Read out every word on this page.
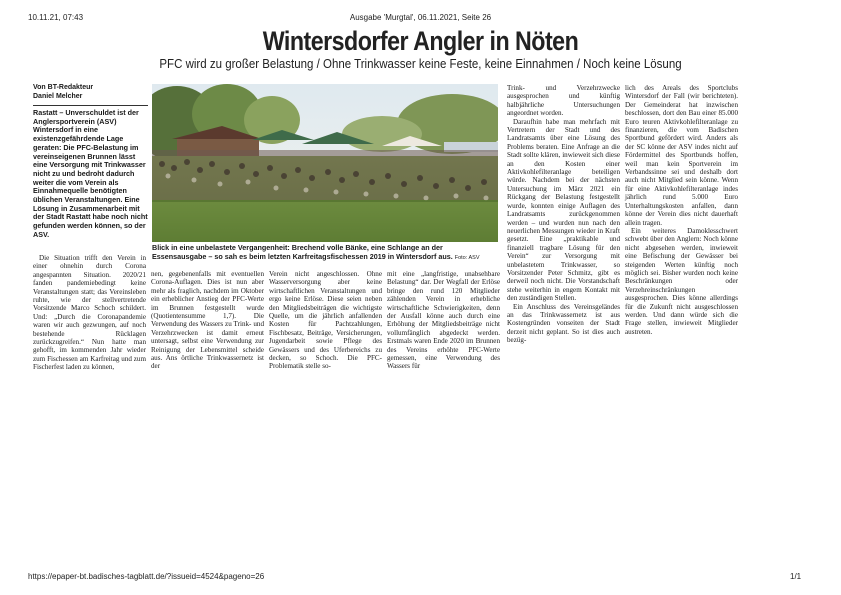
10.11.21, 07:43	Ausgabe 'Murgtal', 06.11.2021, Seite 26
Wintersdorfer Angler in Nöten
PFC wird zu großer Belastung / Ohne Trinkwasser keine Feste, keine Einnahmen / Noch keine Lösung
Von BT-Redakteur
Daniel Melcher
Rastatt – Unverschuldet ist der Anglersportverein (ASV) Wintersdorf in eine existenzgefährdende Lage geraten: Die PFC-Belastung im vereinseigenen Brunnen lässt eine Versorgung mit Trinkwasser nicht zu und bedroht dadurch weiter die vom Verein als Einnahmequelle benötigten üblichen Veranstaltungen. Eine Lösung in Zusammenarbeit mit der Stadt Rastatt habe noch nicht gefunden werden können, so der ASV.
Blick in eine unbelastete Vergangenheit: Brechend volle Bänke, eine Schlange an der Essensausgabe – so sah es beim letzten Karfreitagsfischessen 2019 in Wintersdorf aus. Foto: ASV

Die Situation trifft den Verein in einer ohnehin durch Corona angespannten Situation. 2020/21 fanden pandemiebedingt keine Veranstaltungen statt; das Vereinsleben ruhte, wie der stellvertretende Vorsitzende Marco Schoch schildert. Und: „Durch die Coronapandemie waren wir auch gezwungen, auf noch bestehende Rücklagen zurückzugreifen.“ Nun hatte man gehofft, im kommenden Jahr wieder zum Fischessen am Karfreitag und zum Fischerfest laden zu können,

nen, gegebenenfalls mit eventuellen Corona-Auflagen. Dies ist nun aber mehr als fraglich, nachdem im Oktober ein erheblicher Anstieg der PFC-Werte im Brunnen festgestellt wurde (Quotientensumme 1,7). Die Verwendung des Wassers zu Trink- und Verzehrzwecken ist damit erneut untersagt, selbst eine Verwendung zur Reinigung der Lebensmittel scheide aus. Ans örtliche Trinkwassernetz ist der

Verein nicht angeschlossen. Ohne Wasserversorgung aber keine wirtschaftlichen Veranstaltungen und ergo keine Erlöse. Diese seien neben den Mitgliedsbeiträgen die wichtigste Quelle, um die jährlich anfallenden Kosten für Pachtzahlungen, Fischbesatz, Beiträge, Versicherungen, Jugendarbeit sowie Pflege des Gewässers und des Uferbereichs zu decken, so Schoch. Die PFC-Problematik stelle so-

mit eine „langfristige, unabsehbare Belastung“ dar. Der Wegfall der Erlöse bringe den rund 120 Mitglieder zählenden Verein in erhebliche wirtschaftliche Schwierigkeiten, denn der Ausfall könne auch durch eine Erhöhung der Mitgliedsbeiträge nicht vollumfänglich abgedeckt werden. Erstmals waren Ende 2020 im Brunnen des Vereins erhöhte PFC-Werte gemessen, eine Verwendung des Wassers für

Trink- und Verzehrzwecke ausgesprochen und künftig halbjährliche Untersuchungen angeordnet worden.

Daraufhin habe man mehrfach mit Vertretern der Stadt und des Landratsamts über eine Lösung des Problems beraten. Eine Anfrage an die Stadt sollte klären, inwieweit sich diese an den Kosten einer Aktivkohlefilteranlage beteiligen würde. Nachdem bei der nächsten Untersuchung im März 2021 ein Rückgang der Belastung festgestellt wurde, konnten einige Auflagen des Landratsamts zurückgenommen werden – und wurden nun nach den neuerlichen Messungen wieder in Kraft gesetzt. Eine „praktikable und finanziell tragbare Lösung für den Verein“ zur Versorgung mit unbelastetem Trinkwasser, so Vorsitzender Peter Schmitz, gibt es derweil noch nicht. Die Vorstandschaft stehe weiterhin in engem Kontakt mit den zuständigen Stellen.

Ein Anschluss des Vereinsgeländes an das Trinkwassernetz ist aus Kostengründen vonseiten der Stadt derzeit nicht geplant. So ist dies auch bezüg-

lich des Areals des Sportclubs Wintersdorf der Fall (wir berichteten). Der Gemeinderat hat inzwischen beschlossen, dort den Bau einer 85.000 Euro teuren Aktivkohlefilteranlage zu finanzieren, die vom Badischen Sportbund gefördert wird. Anders als der SC könne der ASV indes nicht auf Fördermittel des Sportbunds hoffen, weil man kein Sportverein im Verbandssinne sei und deshalb dort auch nicht Mitglied sein könne. Wenn für eine Aktivkohlefilteranlage indes jährlich rund 5.000 Euro Unterhaltungskosten anfallen, dann könne der Verein dies nicht dauerhaft allein tragen.

Ein weiteres Damoklesschwert schwebt über den Anglern: Noch könne nicht abgesehen werden, inwieweit eine Befischung der Gewässer bei steigenden Werten künftig noch möglich sei. Bisher wurden noch keine Beschränkungen oder Verzehreinschränkungen ausgesprochen. Dies könne allerdings für die Zukunft nicht ausgeschlossen werden. Und dann würde sich die Frage stellen, inwieweit Mitglieder austreten.

https://epaper-bt.badisches-tagblatt.de/?issueid=4524&pageno=26	1/1
